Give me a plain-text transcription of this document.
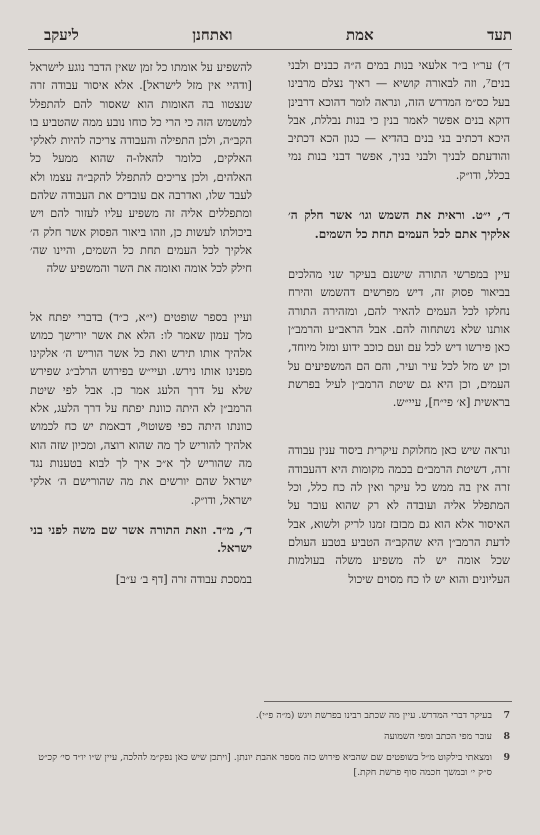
תעד
אמת
ואתחנן
ליעקב

ד׳) ער״ו ב״ר אלעאי בנות במים ה״ה כבנים ולבני בנים⁷, וזה לבאורה קושיא — ראיך נצלם מרבינו בעל כס״מ המדרש הזה, ונראה לומר דהוכא דרבינן דוקא בנים אפשר לאמר בנין כי בנות נבללת, אבל היכא דכתיב בני בנים בהדיא — כגון הכא דכתיב והודעתם לבניך ולבני בניך, אפשר דבני בנות נמי בכלל, ודו״ק.

ד׳, י״ט. וראית את השמש וגו׳ אשר חלק ה׳ אלקיך אתם לכל העמים תחת כל השמים.

עיין במפרשי התורה שישנם בעיקר שני מהלכים בביאור פסוק זה, דיש מפרשים דהשמש והירח נחלקו לכל העמים להאיר להם, ומזהירה התורה אותנו שלא נשתחוה להם. אבל הראב״ע והרמב״ן כאן פירשו דיש לכל עם ועם כוכב ידוע ומזל מיוחד, וכן יש מזל לכל עיר ועיר, והם הם המשפיעים על העמים, וכן היא גם שיטת הרמב״ן לעיל בפרשת בראשית [א׳ פי״ח], עיי״ש.

ונראה שיש כאן מחלוקת עיקרית ביסוד ענין עבודה זרה, דשיטת הרמב״ם בכמה מקומות היא דהעבודה זרה אין בה ממש כל עיקר ואין לה כח כלל, וכל המתפלל אליה ועובדה לא רק שהוא עובר על האיסור אלא הוא גם מבזבז זמנו לריק ולשוא, אבל לדעת הרמב״ן היא שהקב״ה הטביע בטבע העולם שכל אומה יש לה משפיע משלה בעולמות העליונים והוא יש לו כח מסוים שיכול

להשפיע על אומתו כל זמן שאין הדבר נוגע לישראל [ודהיי אין מזל לישראל]. אלא איסור עבודה זרה שנצטוו בה האומות הוא שאסור להם להתפלל למשמש הזה כי הרי כל כוחו נובע ממה שהטביע בו הקב״ה, ולכן התפילה והעבודה צריכה להיות לאלקי האלקים, כלומר להאלו-ה שהוא ממעל כל האלהים, ולכן צריכים להתפלל להקב״ה עצמו ולא לעבד שלו, ואדרבה אם עובדים את העבודה שלהם ומתפללים אליה זה משפיע עליו לעזור להם ויש ביכולתו לעשות כן, וזהו ביאור הפסוק אשר חלק ה׳ אלקיך לכל העמים תחת כל השמים, והיינו שה׳ חילק לכל אומה ואומה את השר והמשפיע שלה

ועיין בספר שופטים (י״א, כ״ד) בדברי יפתח אל מלך עמון שאמר לו: הלא את אשר יורישך כמוש אלהיך אותו תירש ואת כל אשר הוריש ה׳ אלקינו מפנינו אותו נירש. ועיי״ש בפירוש הרלב״ג שפירש שלא על דרך הלעג אמר כן. אבל לפי שיטת הרמב״ן לא היתה כוונת יפתח על דרך הלעג, אלא כוונתו היתה כפי פשוטו⁸, דבאמת יש כח לכמוש אלהיך להוריש לך מה שהוא רוצה, ומכיון שזה הוא מה שהוריש לך א״כ איך לך לבוא בטענות נגד ישראל שהם יורשים את מה שהורישם ה׳ אלקי ישראל, ודו״ק.

ד׳, מ״ד. וזאת התורה אשר שם משה לפני בני ישראל.

במסכת עבודה זרה [דף ב׳ ע״ב]

7
בעיקר דברי המדרש. עיין מה שכתב רבינו בפרשת ויגש (מ״ה פ״י).

8
עובר מפי הכתב ומפי השמועה

9
ומצאתי בילקוט מ״ל בשופטים שם שהביא פירוש כזה מספר אהבת יונתן. [ויתכן שיש כאן נפק״מ להלכה, עיין ש״ו יו״ד סי׳ קכ״ט ס״ק י׳ ובמשך חכמה סוף פרשת חקת.]
